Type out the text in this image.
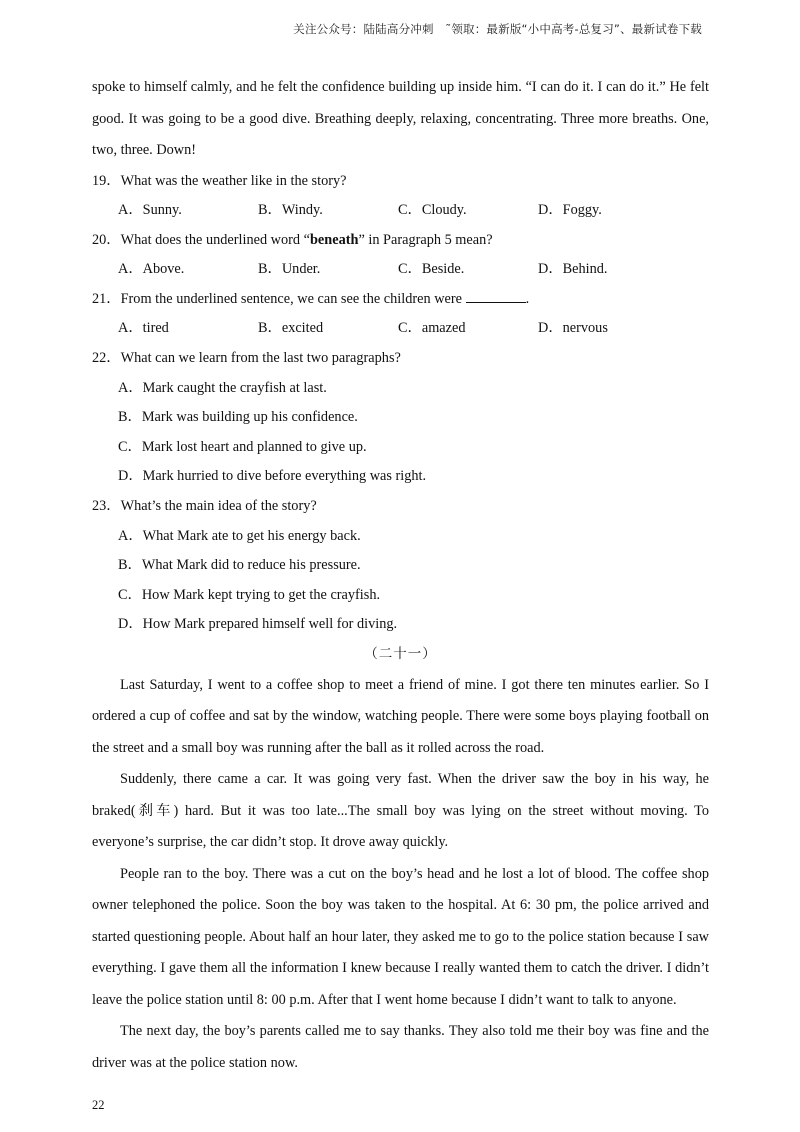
关注公众号：陆陆高分冲刺　˜领取：最新版“小中高考-总复习”、最新试卷下载

spoke to himself calmly, and he felt the confidence building up inside him. “I can do it. I can do it.” He felt good. It was going to be a good dive. Breathing deeply, relaxing, concentrating. Three more breaths. One, two, three. Down!

19．What was the weather like in the story?

A．Sunny.	B．Windy.	C．Cloudy.	D．Foggy.

20．What does the underlined word “beneath” in Paragraph 5 mean?

A．Above.	B．Under.	C．Beside.	D．Behind.

21．From the underlined sentence, we can see the children were	.

A．tired	B．excited	C．amazed	D．nervous

22．What can we learn from the last two paragraphs?

A．Mark caught the crayfish at last.

B．Mark was building up his confidence.

C．Mark lost heart and planned to give up.

D．Mark hurried to dive before everything was right.

23．What’s the main idea of the story?

A．What Mark ate to get his energy back.

B．What Mark did to reduce his pressure.

C．How Mark kept trying to get the crayfish.

D．How Mark prepared himself well for diving.

（二十一）

Last Saturday, I went to a coffee shop to meet a friend of mine. I got there ten minutes earlier. So I ordered a cup of coffee and sat by the window, watching people. There were some boys playing football on the street and a small boy was running after the ball as it rolled across the road.

Suddenly, there came a car. It was going very fast. When the driver saw the boy in his way, he braked(刹车) hard. But it was too late...The small boy was lying on the street without moving. To everyone’s surprise, the car didn’t stop. It drove away quickly.

People ran to the boy. There was a cut on the boy’s head and he lost a lot of blood. The coffee shop owner telephoned the police. Soon the boy was taken to the hospital. At 6: 30 pm, the police arrived and started questioning people. About half an hour later, they asked me to go to the police station because I saw everything. I gave them all the information I knew because I really wanted them to catch the driver. I didn’t leave the police station until 8: 00 p.m. After that I went home because I didn’t want to talk to anyone.

The next day, the boy’s parents called me to say thanks. They also told me their boy was fine and the driver was at the police station now.

22
